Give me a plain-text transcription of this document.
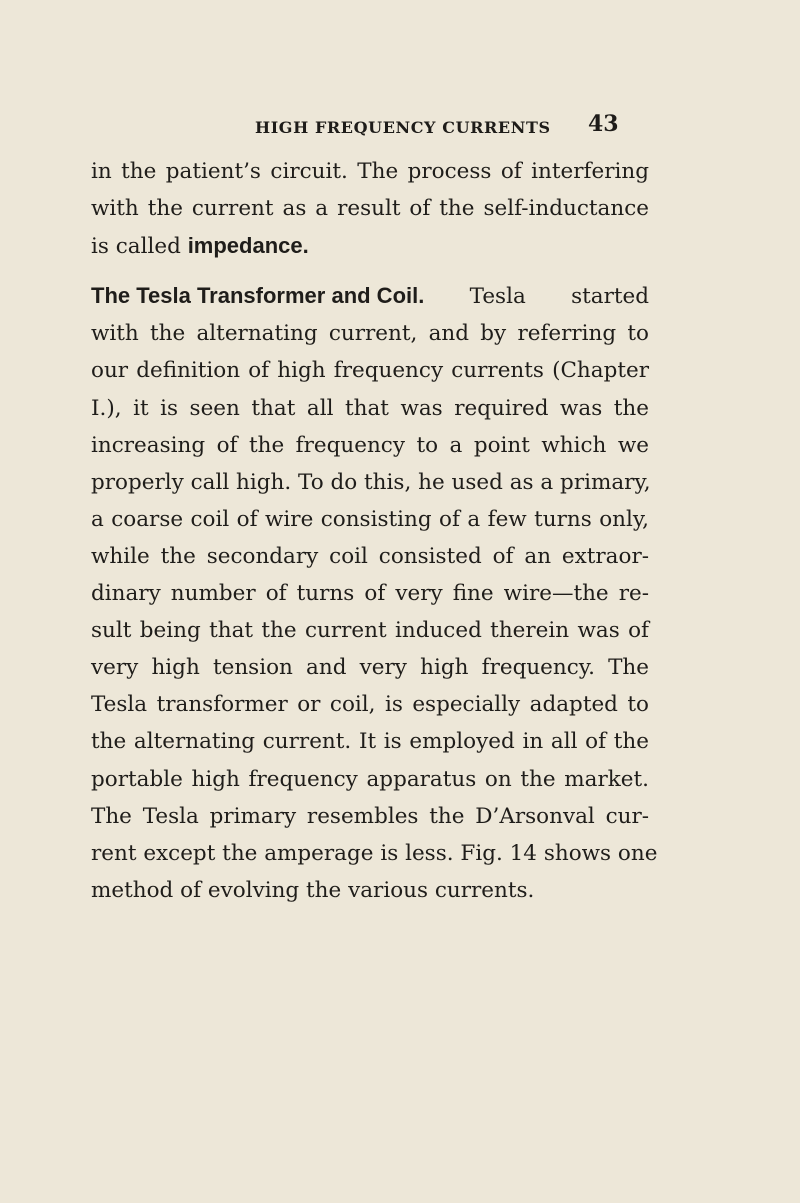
HIGH FREQUENCY CURRENTS 43

in the patient’s circuit. The process of interfering
with the current as a result of the self-inductance
is called impedance.

The Tesla Transformer and Coil. Tesla started
with the alternating current, and by referring to
our definition of high frequency currents (Chapter
I.), it is seen that all that was required was the
increasing of the frequency to a point which we
properly call high. To do this, he used as a primary,
a coarse coil of wire consisting of a few turns only,
while the secondary coil consisted of an extraor-
dinary number of turns of very fine wire—the re-
sult being that the current induced therein was of
very high tension and very high frequency. The
Tesla transformer or coil, is especially adapted to
the alternating current. It is employed in all of the
portable high frequency apparatus on the market.
The Tesla primary resembles the D’Arsonval cur-
rent except the amperage is less. Fig. 14 shows one
method of evolving the various currents.
